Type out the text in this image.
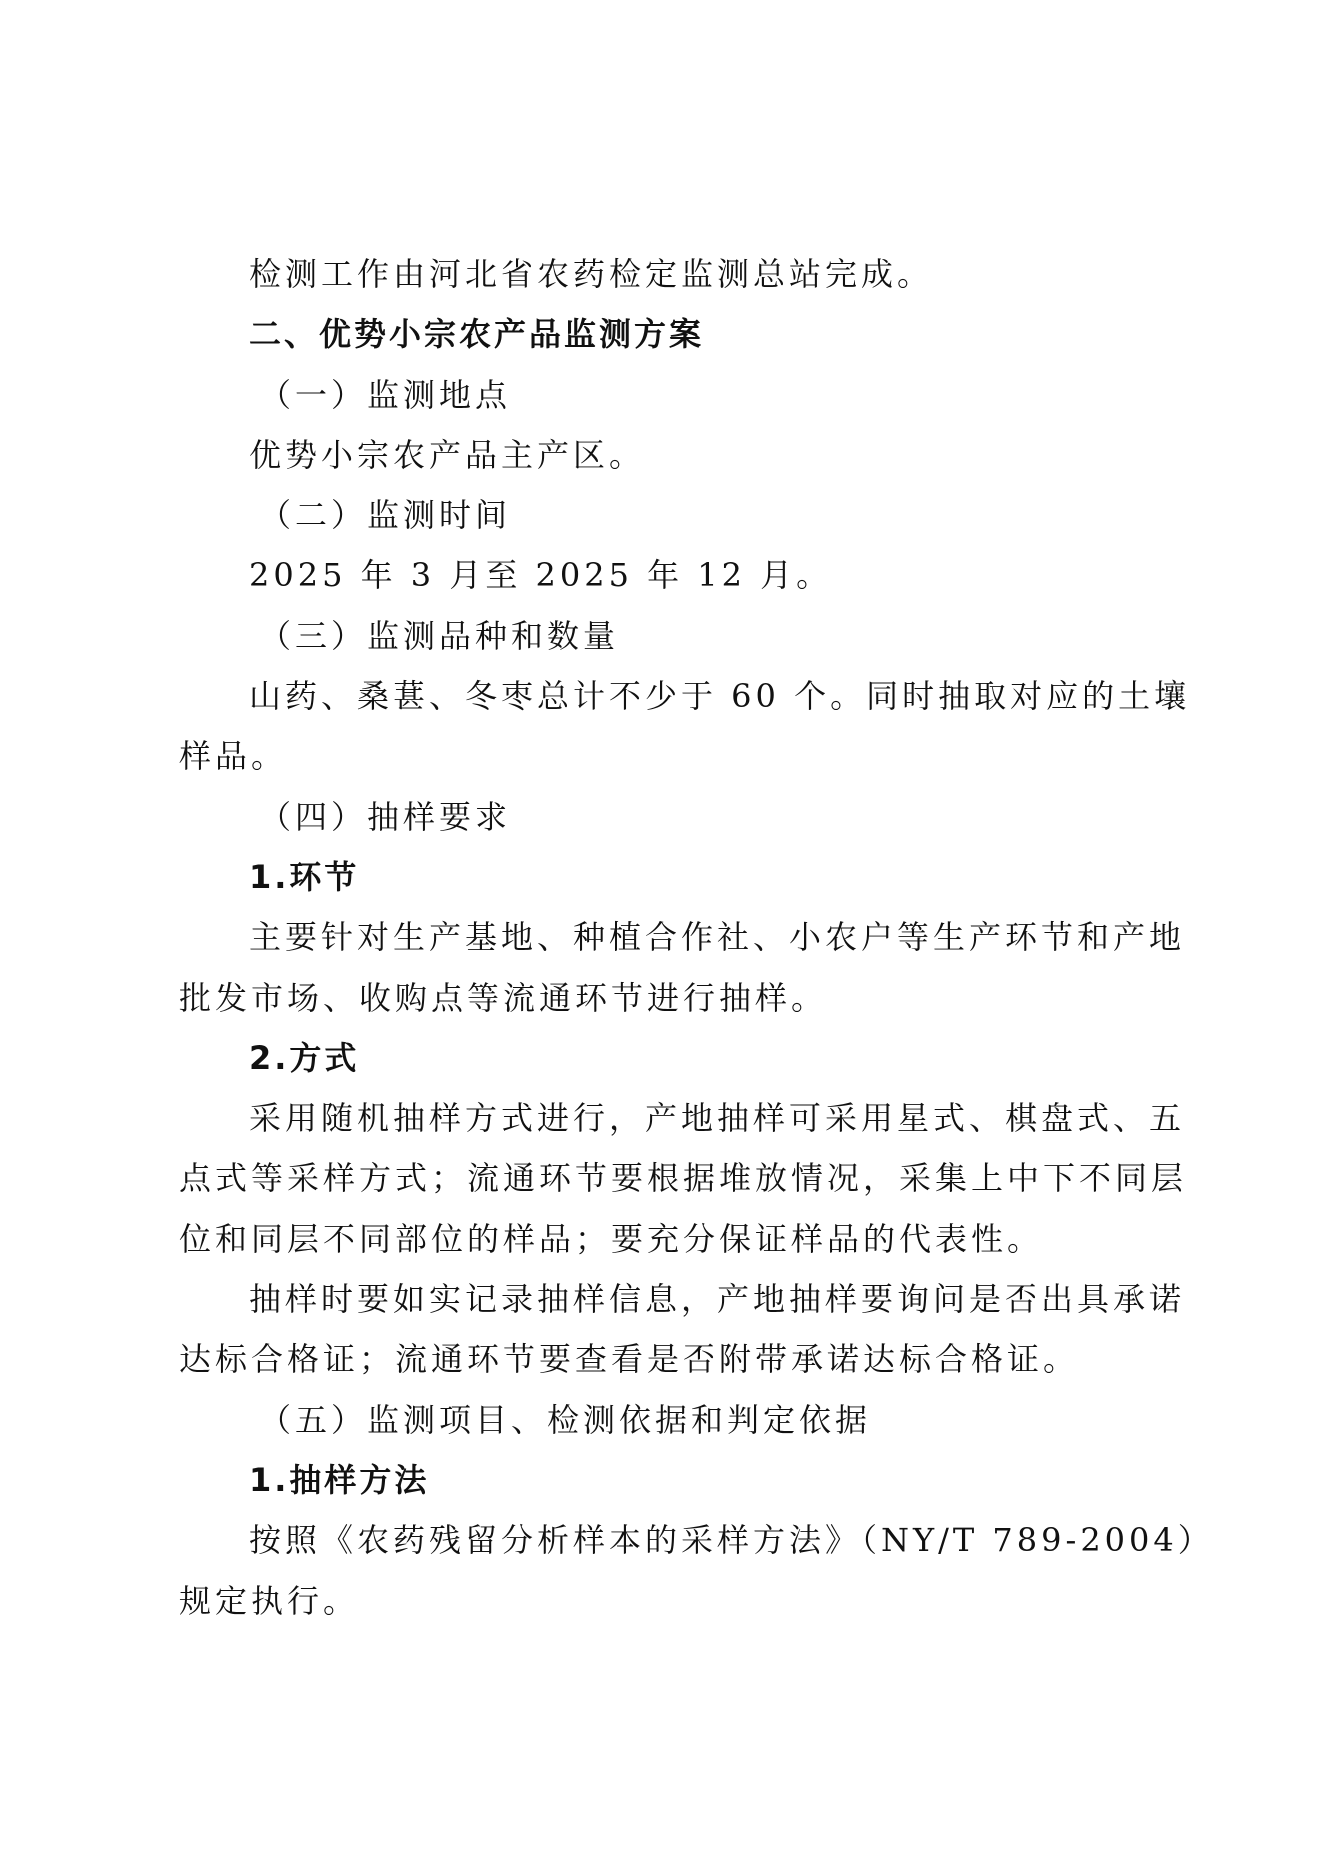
检测工作由河北省农药检定监测总站完成。

二、优势小宗农产品监测方案

（一）监测地点

优势小宗农产品主产区。

（二）监测时间

2025 年 3 月至 2025 年 12 月。

（三）监测品种和数量

山药、桑葚、冬枣总计不少于 60 个。同时抽取对应的土壤

样品。

（四）抽样要求

1.环节

主要针对生产基地、种植合作社、小农户等生产环节和产地

批发市场、收购点等流通环节进行抽样。

2.方式

采用随机抽样方式进行，产地抽样可采用星式、棋盘式、五

点式等采样方式；流通环节要根据堆放情况，采集上中下不同层

位和同层不同部位的样品；要充分保证样品的代表性。

抽样时要如实记录抽样信息，产地抽样要询问是否出具承诺

达标合格证；流通环节要查看是否附带承诺达标合格证。

（五）监测项目、检测依据和判定依据

1.抽样方法

按照《农药残留分析样本的采样方法》（NY/T 789-2004）

规定执行。
